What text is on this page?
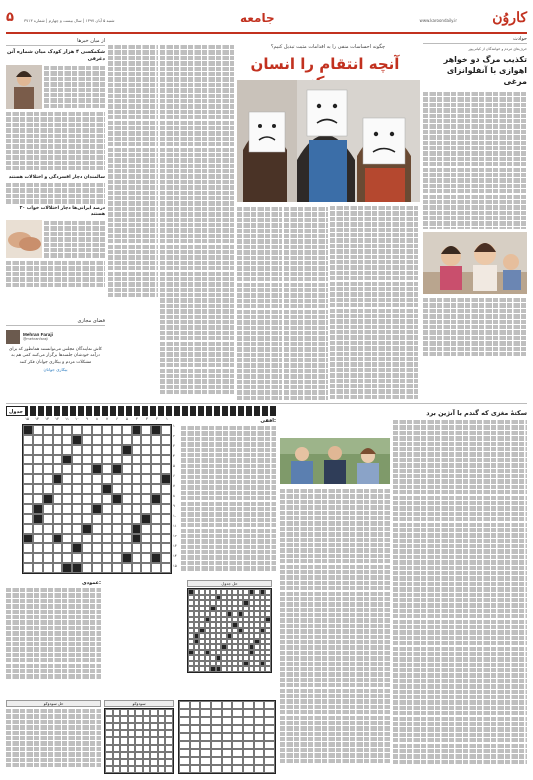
کاروُن
www.karoondaily.ir
جامعه
شنبه ۵ آبان ۱۳۹۷ | سال بیست و چهارم | شماره ۳۷۱۳
۵
حوادث
حرف‌های مردم و خوانندگان از کیانی‌پور
تکذیب مرگ دو خواهر اهوازی با آنفلوانزای مرغی
چگونه احساسات منفی را به اقدامات مثبت تبدیل کنیم؟
آنچه انتقام را انسان
از میان خبرها
شکمکسی ۴ هزار کودک میان شماره آتن دغرفی
سالمندان دچار افسردگی و اختلالات هستند
۲۰ درصد ایرانی‌ها دچار اختلالات خواب هستند
فضای مجازی
Mehran Faraji
@mehranfaraji
کاش نمایندگان مجلس می‌توانستند همانطور که برای درآمد خودشان جلسه‌ها برگزار می‌کنند کمی هم به مشکلات مردم و بیکاری جوانان فکر کنند
بیکاری جوانان
سکتۀ مغزی که گندم با آنژین برد
جدول
۱۵	۱۴	۱۳	۱۲	۱۱	۱۰	۹	۸	۷	۶	۵	۴	۳	۲	۱
۱
۲
۳
۴
۵
۶
۷
۸
۹
۱۰
۱۱
۱۲
۱۳
۱۴
۱۵
افقی:
عمودی:	حل جدول
سودوکو
حل سودوکو
